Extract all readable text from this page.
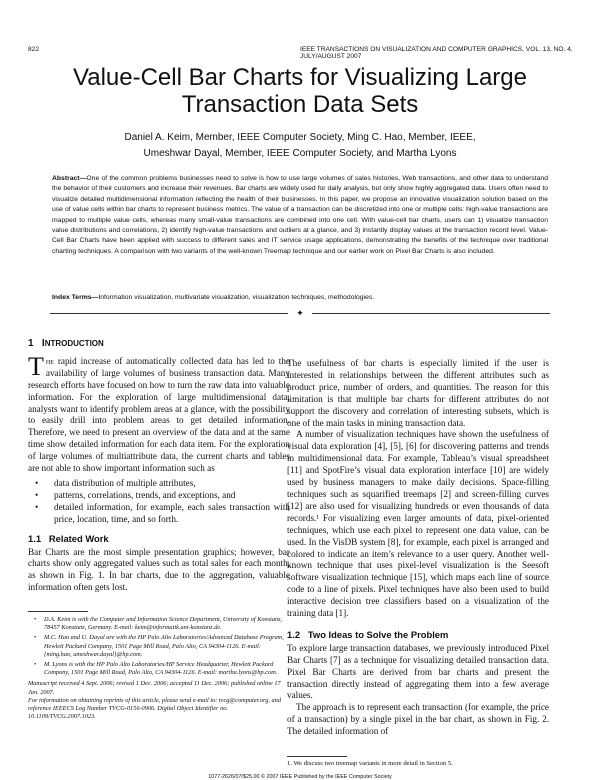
822	IEEE TRANSACTIONS ON VISUALIZATION AND COMPUTER GRAPHICS, VOL. 13, NO. 4, JULY/AUGUST 2007
Value-Cell Bar Charts for Visualizing Large Transaction Data Sets
Daniel A. Keim, Member, IEEE Computer Society, Ming C. Hao, Member, IEEE,
Umeshwar Dayal, Member, IEEE Computer Society, and Martha Lyons
Abstract—One of the common problems businesses need to solve is how to use large volumes of sales histories, Web transactions, and other data to understand the behavior of their customers and increase their revenues. Bar charts are widely used for daily analysis, but only show highly aggregated data. Users often need to visualize detailed multidimensional information reflecting the health of their businesses. In this paper, we propose an innovative visualization solution based on the use of value cells within bar charts to represent business metrics. The value of a transaction can be discretized into one or multiple cells: high-value transactions are mapped to multiple value cells, whereas many small-value transactions are combined into one cell. With value-cell bar charts, users can 1) visualize transaction value distributions and correlations, 2) identify high-value transactions and outliers at a glance, and 3) instantly display values at the transaction record level. Value-Cell Bar Charts have been applied with success to different sales and IT service usage applications, demonstrating the benefits of the technique over traditional charting techniques. A comparison with two variants of the well-known Treemap technique and our earlier work on Pixel Bar Charts is also included.
Index Terms—Information visualization, multivariate visualization, visualization techniques, methodologies.
✦
1 INTRODUCTION

The rapid increase of automatically collected data has led to the availability of large volumes of business transaction data. Many research efforts have focused on how to turn the raw data into valuable information. For the exploration of large multidimensional data, analysts want to identify problem areas at a glance, with the possibility to easily drill into problem areas to get detailed information. Therefore, we need to present an overview of the data and at the same time show detailed information for each data item. For the exploration of large volumes of multiattribute data, the current charts and tables are not able to show important information such as

• data distribution of multiple attributes,
• patterns, correlations, trends, and exceptions, and
• detailed information, for example, each sales transaction with price, location, time, and so forth.
1.1 Related Work

Bar Charts are the most simple presentation graphics; however, bar charts show only aggregated values such as total sales for each month, as shown in Fig. 1. In bar charts, due to the aggregation, valuable information often gets lost.

• D.A. Keim is with the Computer and Information Science Department, University of Konstanz, 78457 Konstanz, Germany. E-mail: keim@informatik.uni-konstanz.de.
• M.C. Hao and U. Dayal are with the HP Palo Alto Laboratories/Advanced Database Program, Hewlett Packard Company, 1501 Page Mill Road, Palo Alto, CA 94304-1126. E-mail: {ming.hao, umeshwar.dayal}@hp.com.
• M. Lyons is with the HP Palo Alto Laboratories/HP Service Headquarter, Hewlett Packard Company, 1501 Page Mill Road, Palo Alto, CA 94304-1126. E-mail: martha.lyons@hp.com.
Manuscript received 4 Sept. 2006; revised 1 Dec. 2006; accepted 11 Dec. 2006; published online 17 Jan. 2007.
For information on obtaining reprints of this article, please send e-mail to: tvcg@computer.org, and reference IEEECS Log Number TVCG-0156-0906. Digital Object Identifier no. 10.1109/TVCG.2007.1023.

The usefulness of bar charts is especially limited if the user is interested in relationships between the different attributes such as product price, number of orders, and quantities. The reason for this limitation is that multiple bar charts for different attributes do not support the discovery and correlation of interesting subsets, which is one of the main tasks in mining transaction data.

A number of visualization techniques have shown the usefulness of visual data exploration [4], [5], [6] for discovering patterns and trends in multidimensional data. For example, Tableau’s visual spreadsheet [11] and SpotFire’s visual data exploration interface [10] are widely used by business managers to make daily decisions. Space-filling techniques such as squarified treemaps [2] and screen-filling curves [12] are also used for visualizing hundreds or even thousands of data records.¹ For visualizing even larger amounts of data, pixel-oriented techniques, which use each pixel to represent one data value, can be used. In the VisDB system [8], for example, each pixel is arranged and colored to indicate an item’s relevance to a user query. Another well-known technique that uses pixel-level visualization is the Seesoft software visualization technique [15], which maps each line of source code to a line of pixels. Pixel techniques have also been used to build interactive decision tree classifiers based on a visualization of the training data [1].

1.2 Two Ideas to Solve the Problem

To explore large transaction databases, we previously introduced Pixel Bar Charts [7] as a technique for visualizing detailed transaction data. Pixel Bar Charts are derived from bar charts and present the transaction directly instead of aggregating them into a few average values.

The approach is to represent each transaction (for example, the price of a transaction) by a single pixel in the bar chart, as shown in Fig. 2. The detailed information of

1. We discuss two treemap variants in more detail in Section 5.
1077-2626/07/$25.00 © 2007 IEEE Published by the IEEE Computer Society
